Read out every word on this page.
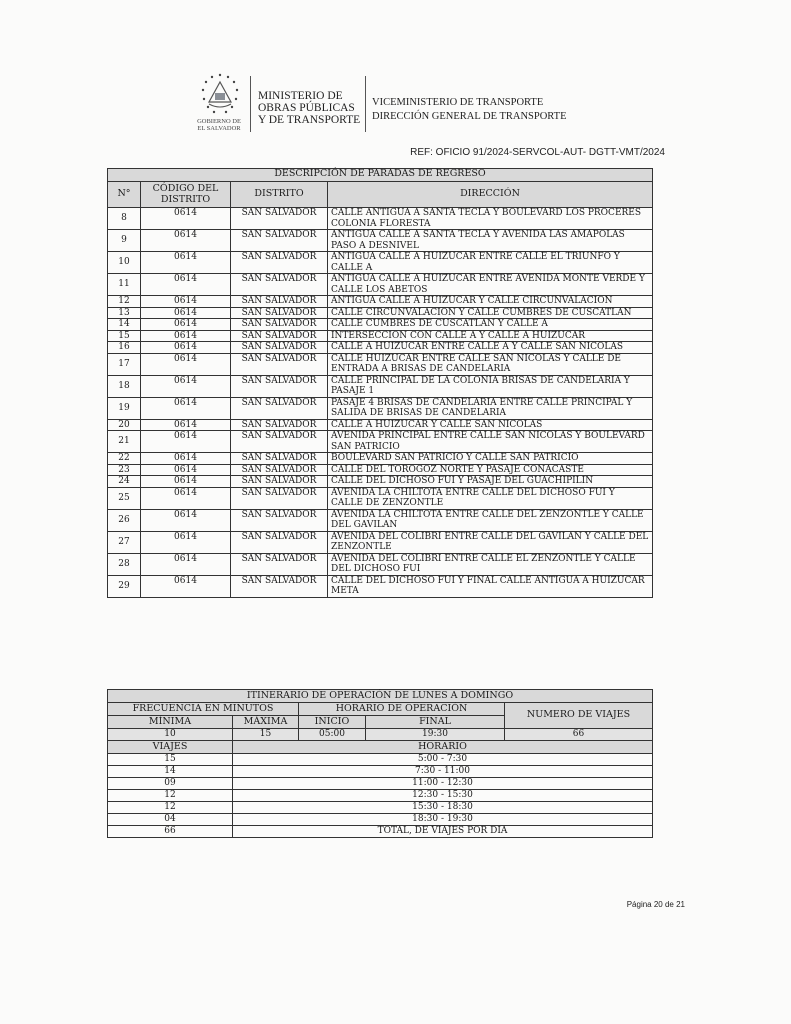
GOBIERNO DE
EL SALVADOR
MINISTERIO DE
OBRAS PÚBLICAS
Y DE TRANSPORTE
VICEMINISTERIO DE TRANSPORTE
DIRECCIÓN GENERAL DE TRANSPORTE
REF: OFICIO 91/2024-SERVCOL-AUT- DGTT-VMT/2024
DESCRIPCIÓN DE PARADAS DE REGRESO			
N°	CÓDIGO DEL DISTRITO	DISTRITO	DIRECCIÓN
8	0614	SAN SALVADOR	CALLE ANTIGUA A SANTA TECLA Y BOULEVARD LOS PROCERES COLONIA FLORESTA
9	0614	SAN SALVADOR	ANTIGUA CALLE A SANTA TECLA Y AVENIDA LAS AMAPOLAS PASO A DESNIVEL
10	0614	SAN SALVADOR	ANTIGUA CALLE A HUIZUCAR ENTRE CALLE EL TRIUNFO Y CALLE A
11	0614	SAN SALVADOR	ANTIGUA CALLE A HUIZUCAR ENTRE AVENIDA MONTE VERDE Y CALLE LOS ABETOS
12	0614	SAN SALVADOR	ANTIGUA CALLE A HUIZUCAR Y CALLE CIRCUNVALACION
13	0614	SAN SALVADOR	CALLE CIRCUNVALACION Y CALLE CUMBRES DE CUSCATLAN
14	0614	SAN SALVADOR	CALLE CUMBRES DE CUSCATLAN Y CALLE A
15	0614	SAN SALVADOR	INTERSECCION CON CALLE A Y CALLE A HUIZUCAR
16	0614	SAN SALVADOR	CALLE A HUIZUCAR ENTRE CALLE A Y CALLE SAN NICOLAS
17	0614	SAN SALVADOR	CALLE HUIZUCAR ENTRE CALLE SAN NICOLAS Y CALLE DE ENTRADA A BRISAS DE CANDELARIA
18	0614	SAN SALVADOR	CALLE PRINCIPAL DE LA COLONIA BRISAS DE CANDELARIA Y PASAJE 1
19	0614	SAN SALVADOR	PASAJE 4 BRISAS DE CANDELARIA ENTRE CALLE PRINCIPAL Y SALIDA DE BRISAS DE CANDELARIA
20	0614	SAN SALVADOR	CALLE A HUIZUCAR Y CALLE SAN NICOLAS
21	0614	SAN SALVADOR	AVENIDA PRINCIPAL ENTRE CALLE SAN NICOLAS Y BOULEVARD SAN PATRICIO
22	0614	SAN SALVADOR	BOULEVARD SAN PATRICIO Y CALLE SAN PATRICIO
23	0614	SAN SALVADOR	CALLE DEL TOROGOZ NORTE Y PASAJE CONACASTE
24	0614	SAN SALVADOR	CALLE DEL DICHOSO FUI Y PASAJE DEL GUACHIPILIN
25	0614	SAN SALVADOR	AVENIDA LA CHILTOTA ENTRE CALLE DEL DICHOSO FUI Y CALLE DE ZENZONTLE
26	0614	SAN SALVADOR	AVENIDA LA CHILTOTA ENTRE CALLE DEL ZENZONTLE Y CALLE DEL GAVILAN
27	0614	SAN SALVADOR	AVENIDA DEL COLIBRI ENTRE CALLE DEL GAVILAN Y CALLE DEL ZENZONTLE
28	0614	SAN SALVADOR	AVENIDA DEL COLIBRI ENTRE CALLE EL ZENZONTLE Y CALLE DEL DICHOSO FUI
29	0614	SAN SALVADOR	CALLE DEL DICHOSO FUI Y FINAL CALLE ANTIGUA A HUIZUCAR META
ITINERARIO DE OPERACIÓN DE LUNES A DOMINGO				
FRECUENCIA EN MINUTOS		HORARIO DE OPERACIÓN		NUMERO DE VIAJES
MÍNIMA	MÁXIMA	INICIO	FINAL	
10	15	05:00	19:30	66
VIAJES	HORARIO			
15	5:00 - 7:30			
14	7:30 - 11:00			
09	11:00 - 12:30			
12	12:30 - 15:30			
12	15:30 - 18:30			
04	18:30 - 19:30			
66	TOTAL, DE VIAJES POR DIA			
Página 20 de 21
